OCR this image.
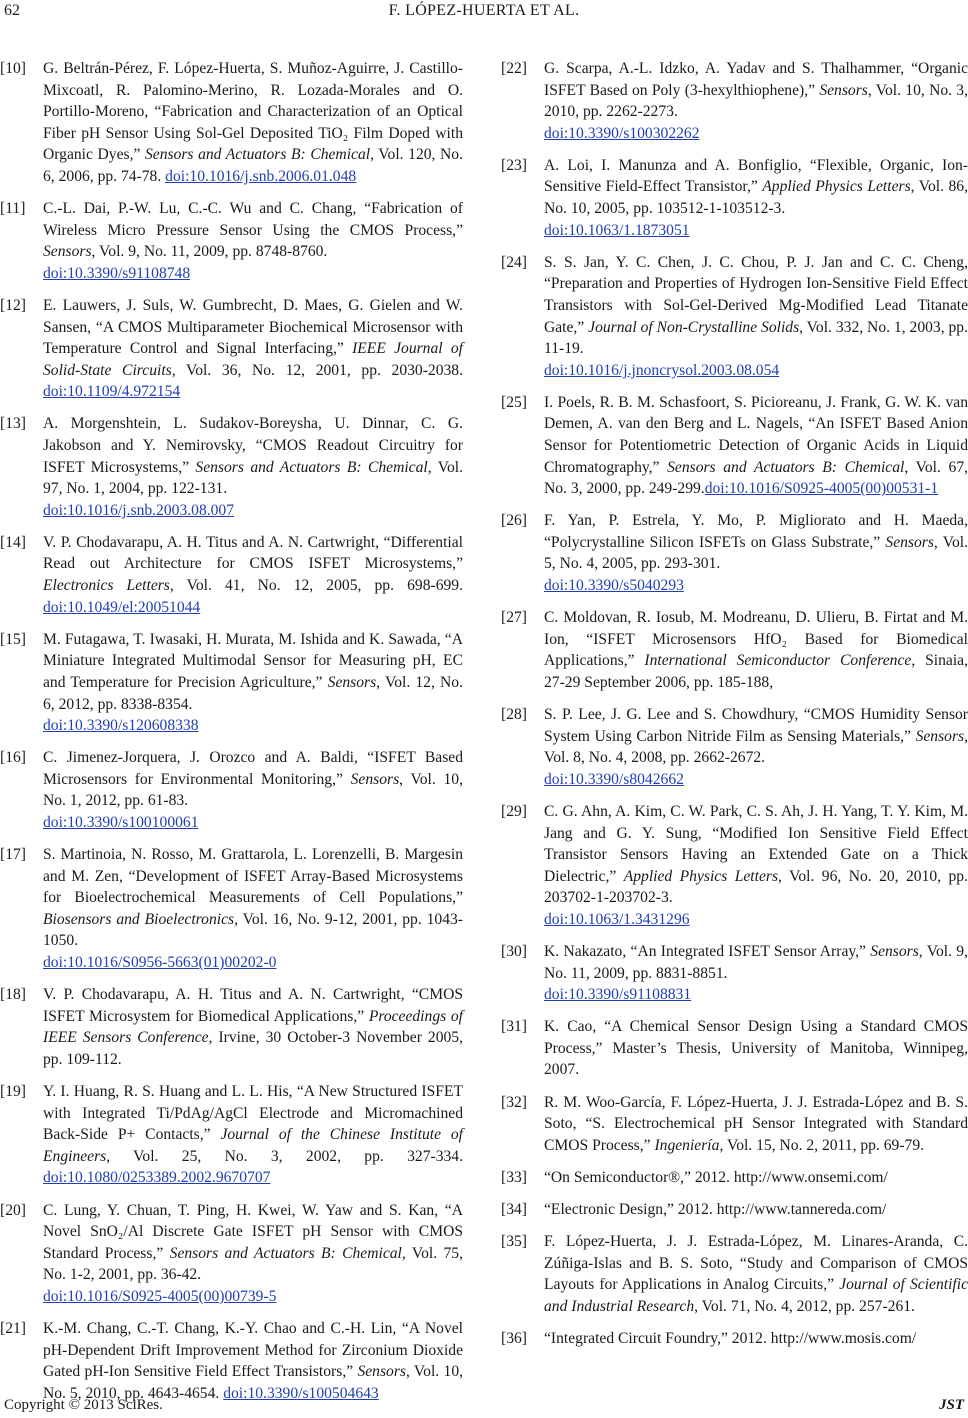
62	F. LÓPEZ-HUERTA ET AL.
[10] G. Beltrán-Pérez, F. López-Huerta, S. Muñoz-Aguirre, J. Castillo-Mixcoatl, R. Palomino-Merino, R. Lozada-Morales and O. Portillo-Moreno, “Fabrication and Characterization of an Optical Fiber pH Sensor Using Sol-Gel Deposited TiO₂ Film Doped with Organic Dyes,” Sensors and Actuators B: Chemical, Vol. 120, No. 6, 2006, pp. 74-78. doi:10.1016/j.snb.2006.01.048
[11] C.-L. Dai, P.-W. Lu, C.-C. Wu and C. Chang, “Fabrication of Wireless Micro Pressure Sensor Using the CMOS Process,” Sensors, Vol. 9, No. 11, 2009, pp. 8748-8760.
doi:10.3390/s91108748
[12] E. Lauwers, J. Suls, W. Gumbrecht, D. Maes, G. Gielen and W. Sansen, “A CMOS Multiparameter Biochemical Microsensor with Temperature Control and Signal Interfacing,” IEEE Journal of Solid-State Circuits, Vol. 36, No. 12, 2001, pp. 2030-2038. doi:10.1109/4.972154
[13] A. Morgenshtein, L. Sudakov-Boreysha, U. Dinnar, C. G. Jakobson and Y. Nemirovsky, “CMOS Readout Circuitry for ISFET Microsystems,” Sensors and Actuators B: Chemical, Vol. 97, No. 1, 2004, pp. 122-131.
doi:10.1016/j.snb.2003.08.007
[14] V. P. Chodavarapu, A. H. Titus and A. N. Cartwright, “Differential Read out Architecture for CMOS ISFET Microsystems,” Electronics Letters, Vol. 41, No. 12, 2005, pp. 698-699. doi:10.1049/el:20051044
[15] M. Futagawa, T. Iwasaki, H. Murata, M. Ishida and K. Sawada, “A Miniature Integrated Multimodal Sensor for Measuring pH, EC and Temperature for Precision Agriculture,” Sensors, Vol. 12, No. 6, 2012, pp. 8338-8354.
doi:10.3390/s120608338
[16] C. Jimenez-Jorquera, J. Orozco and A. Baldi, “ISFET Based Microsensors for Environmental Monitoring,” Sensors, Vol. 10, No. 1, 2012, pp. 61-83.
doi:10.3390/s100100061
[17] S. Martinoia, N. Rosso, M. Grattarola, L. Lorenzelli, B. Margesin and M. Zen, “Development of ISFET Array-Based Microsystems for Bioelectrochemical Measurements of Cell Populations,” Biosensors and Bioelectronics, Vol. 16, No. 9-12, 2001, pp. 1043-1050.
doi:10.1016/S0956-5663(01)00202-0
[18] V. P. Chodavarapu, A. H. Titus and A. N. Cartwright, “CMOS ISFET Microsystem for Biomedical Applications,” Proceedings of IEEE Sensors Conference, Irvine, 30 October-3 November 2005, pp. 109-112.
[19] Y. I. Huang, R. S. Huang and L. L. His, “A New Structured ISFET with Integrated Ti/PdAg/AgCl Electrode and Micromachined Back-Side P+ Contacts,” Journal of the Chinese Institute of Engineers, Vol. 25, No. 3, 2002, pp. 327-334. doi:10.1080/0253389.2002.9670707
[20] C. Lung, Y. Chuan, T. Ping, H. Kwei, W. Yaw and S. Kan, “A Novel SnO₂/Al Discrete Gate ISFET pH Sensor with CMOS Standard Process,” Sensors and Actuators B: Chemical, Vol. 75, No. 1-2, 2001, pp. 36-42.
doi:10.1016/S0925-4005(00)00739-5
[21] K.-M. Chang, C.-T. Chang, K.-Y. Chao and C.-H. Lin, “A Novel pH-Dependent Drift Improvement Method for Zirconium Dioxide Gated pH-Ion Sensitive Field Effect Transistors,” Sensors, Vol. 10, No. 5, 2010, pp. 4643-4654. doi:10.3390/s100504643
[22] G. Scarpa, A.-L. Idzko, A. Yadav and S. Thalhammer, “Organic ISFET Based on Poly (3-hexylthiophene),” Sensors, Vol. 10, No. 3, 2010, pp. 2262-2273.
doi:10.3390/s100302262
[23] A. Loi, I. Manunza and A. Bonfiglio, “Flexible, Organic, Ion-Sensitive Field-Effect Transistor,” Applied Physics Letters, Vol. 86, No. 10, 2005, pp. 103512-1-103512-3.
doi:10.1063/1.1873051
[24] S. S. Jan, Y. C. Chen, J. C. Chou, P. J. Jan and C. C. Cheng, “Preparation and Properties of Hydrogen Ion-Sensitive Field Effect Transistors with Sol-Gel-Derived Mg-Modified Lead Titanate Gate,” Journal of Non-Crystalline Solids, Vol. 332, No. 1, 2003, pp. 11-19.
doi:10.1016/j.jnoncrysol.2003.08.054
[25] I. Poels, R. B. M. Schasfoort, S. Picioreanu, J. Frank, G. W. K. van Demen, A. van den Berg and L. Nagels, “An ISFET Based Anion Sensor for Potentiometric Detection of Organic Acids in Liquid Chromatography,” Sensors and Actuators B: Chemical, Vol. 67, No. 3, 2000, pp. 249-299.doi:10.1016/S0925-4005(00)00531-1
[26] F. Yan, P. Estrela, Y. Mo, P. Migliorato and H. Maeda, “Polycrystalline Silicon ISFETs on Glass Substrate,” Sensors, Vol. 5, No. 4, 2005, pp. 293-301.
doi:10.3390/s5040293
[27] C. Moldovan, R. Iosub, M. Modreanu, D. Ulieru, B. Firtat and M. Ion, “ISFET Microsensors HfO₂ Based for Biomedical Applications,” International Semiconductor Conference, Sinaia, 27-29 September 2006, pp. 185-188,
[28] S. P. Lee, J. G. Lee and S. Chowdhury, “CMOS Humidity Sensor System Using Carbon Nitride Film as Sensing Materials,” Sensors, Vol. 8, No. 4, 2008, pp. 2662-2672.
doi:10.3390/s8042662
[29] C. G. Ahn, A. Kim, C. W. Park, C. S. Ah, J. H. Yang, T. Y. Kim, M. Jang and G. Y. Sung, “Modified Ion Sensitive Field Effect Transistor Sensors Having an Extended Gate on a Thick Dielectric,” Applied Physics Letters, Vol. 96, No. 20, 2010, pp. 203702-1-203702-3.
doi:10.1063/1.3431296
[30] K. Nakazato, “An Integrated ISFET Sensor Array,” Sensors, Vol. 9, No. 11, 2009, pp. 8831-8851.
doi:10.3390/s91108831
[31] K. Cao, “A Chemical Sensor Design Using a Standard CMOS Process,” Master’s Thesis, University of Manitoba, Winnipeg, 2007.
[32] R. M. Woo-García, F. López-Huerta, J. J. Estrada-López and B. S. Soto, “S. Electrochemical pH Sensor Integrated with Standard CMOS Process,” Ingeniería, Vol. 15, No. 2, 2011, pp. 69-79.
[33] “On Semiconductor®,” 2012. http://www.onsemi.com/
[34] “Electronic Design,” 2012. http://www.tannereda.com/
[35] F. López-Huerta, J. J. Estrada-López, M. Linares-Aranda, C. Zúñiga-Islas and B. S. Soto, “Study and Comparison of CMOS Layouts for Applications in Analog Circuits,” Journal of Scientific and Industrial Research, Vol. 71, No. 4, 2012, pp. 257-261.
[36] “Integrated Circuit Foundry,” 2012. http://www.mosis.com/
Copyright © 2013 SciRes.	JST
